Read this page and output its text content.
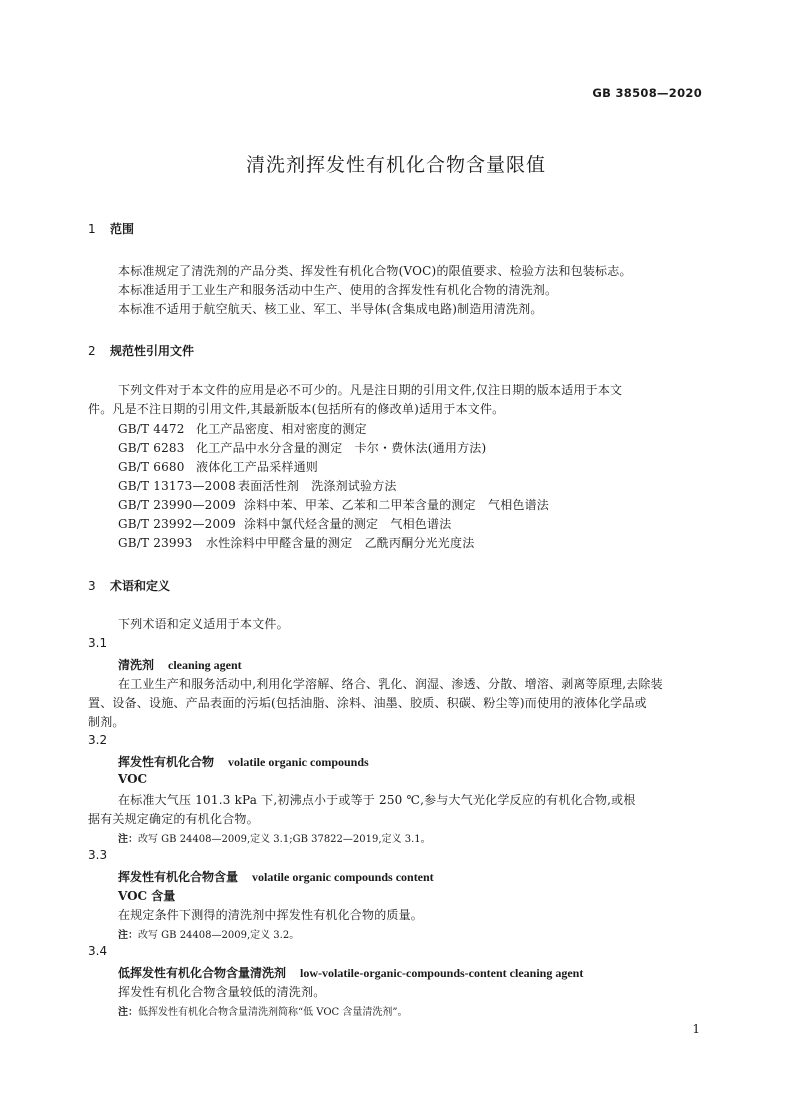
GB 38508—2020
清洗剂挥发性有机化合物含量限值
1 范围
本标准规定了清洗剂的产品分类、挥发性有机化合物(VOC)的限值要求、检验方法和包装标志。
本标准适用于工业生产和服务活动中生产、使用的含挥发性有机化合物的清洗剂。
本标准不适用于航空航天、核工业、军工、半导体(含集成电路)制造用清洗剂。
2 规范性引用文件
下列文件对于本文件的应用是必不可少的。凡是注日期的引用文件,仅注日期的版本适用于本文
件。凡是不注日期的引用文件,其最新版本(包括所有的修改单)适用于本文件。
GB/T 4472 化工产品密度、相对密度的测定
GB/T 6283 化工产品中水分含量的测定　卡尔・费休法(通用方法)
GB/T 6680 液体化工产品采样通则
GB/T 13173—2008 表面活性剂　洗涤剂试验方法
GB/T 23990—2009 涂料中苯、甲苯、乙苯和二甲苯含量的测定　气相色谱法
GB/T 23992—2009 涂料中氯代烃含量的测定　气相色谱法
GB/T 23993 水性涂料中甲醛含量的测定　乙酰丙酮分光光度法
3 术语和定义
下列术语和定义适用于本文件。
3.1
清洗剂 cleaning agent
在工业生产和服务活动中,利用化学溶解、络合、乳化、润湿、渗透、分散、增溶、剥离等原理,去除装
置、设备、设施、产品表面的污垢(包括油脂、涂料、油墨、胶质、积碳、粉尘等)而使用的液体化学品或
制剂。
3.2
挥发性有机化合物 volatile organic compounds
VOC
在标准大气压 101.3 kPa 下,初沸点小于或等于 250 ℃,参与大气光化学反应的有机化合物,或根
据有关规定确定的有机化合物。
注：改写 GB 24408—2009,定义 3.1;GB 37822—2019,定义 3.1。
3.3
挥发性有机化合物含量 volatile organic compounds content
VOC 含量
在规定条件下测得的清洗剂中挥发性有机化合物的质量。
注：改写 GB 24408—2009,定义 3.2。
3.4
低挥发性有机化合物含量清洗剂 low-volatile-organic-compounds-content cleaning agent
挥发性有机化合物含量较低的清洗剂。
注：低挥发性有机化合物含量清洗剂简称“低 VOC 含量清洗剂”。
1
